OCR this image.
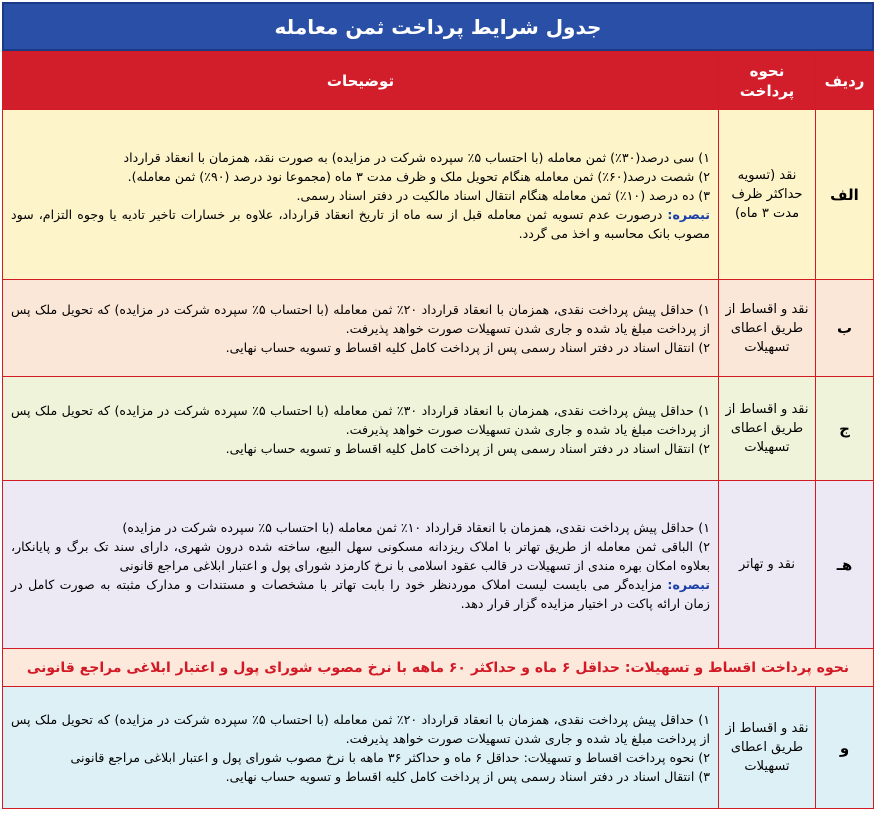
جدول شرایط پرداخت ثمن معامله
ردیف	نحوه پرداخت	توضیحات
الف	نقد (تسویه حداکثر ظرف مدت ۳ ماه)	۱) سی درصد(۳۰٪) ثمن معامله (با احتساب ۵٪ سپرده شرکت در مزایده) به صورت نقد، همزمان با انعقاد قرارداد

۲) شصت درصد(۶۰٪) ثمن معامله هنگام تحویل ملک و ظرف مدت ۳ ماه (مجموعا نود درصد (۹۰٪) ثمن معامله).

۳) ده درصد (۱۰٪) ثمن معامله هنگام انتقال اسناد مالکیت در دفتر اسناد رسمی.

تبصره: درصورت عدم تسویه ثمن معامله قبل از سه ماه از تاریخ انعقاد قرارداد، علاوه بر خسارات تاخیر تادیه یا وجوه التزام، سود مصوب بانک محاسبه و اخذ می گردد.

ب	نقد و اقساط از طریق اعطای تسهیلات	۱) حداقل پیش پرداخت نقدی، همزمان با انعقاد قرارداد ۲۰٪ ثمن معامله (با احتساب ۵٪ سپرده شرکت در مزایده) که تحویل ملک پس از پرداخت مبلغ یاد شده و جاری شدن تسهیلات صورت خواهد پذیرفت.

۲) انتقال اسناد در دفتر اسناد رسمی پس از پرداخت کامل کلیه اقساط و تسویه حساب نهایی.

ج	نقد و اقساط از طریق اعطای تسهیلات	۱) حداقل پیش پرداخت نقدی، همزمان با انعقاد قرارداد ۳۰٪ ثمن معامله (با احتساب ۵٪ سپرده شرکت در مزایده) که تحویل ملک پس از پرداخت مبلغ یاد شده و جاری شدن تسهیلات صورت خواهد پذیرفت.

۲) انتقال اسناد در دفتر اسناد رسمی پس از پرداخت کامل کلیه اقساط و تسویه حساب نهایی.

هـ	نقد و تهاتر	۱) حداقل پیش پرداخت نقدی، همزمان با انعقاد قرارداد ۱۰٪ ثمن معامله (با احتساب ۵٪ سپرده شرکت در مزایده)

۲) الباقی ثمن معامله از طریق تهاتر با املاک ریزدانه مسکونی سهل البیع، ساخته شده درون شهری، دارای سند تک برگ و پایانکار، بعلاوه امکان بهره مندی از تسهیلات در قالب عقود اسلامی با نرخ کارمزد شورای پول و اعتبار ابلاغی مراجع قانونی

تبصره: مزایده‌گر می بایست لیست املاک موردنظر خود را بابت تهاتر با مشخصات و مستندات و مدارک مثبته به صورت کامل در زمان ارائه پاکت در اختیار مزایده گزار قرار دهد.

نحوه پرداخت اقساط و تسهیلات: حداقل ۶ ماه و حداکثر ۶۰ ماهه با نرخ مصوب شورای پول و اعتبار ابلاغی مراجع قانونی		
و	نقد و اقساط از طریق اعطای تسهیلات	۱) حداقل پیش پرداخت نقدی، همزمان با انعقاد قرارداد ۲۰٪ ثمن معامله (با احتساب ۵٪ سپرده شرکت در مزایده) که تحویل ملک پس از پرداخت مبلغ یاد شده و جاری شدن تسهیلات صورت خواهد پذیرفت.

۲) نحوه پرداخت اقساط و تسهیلات: حداقل ۶ ماه و حداکثر ۳۶ ماهه با نرخ مصوب شورای پول و اعتبار ابلاغی مراجع قانونی

۳) انتقال اسناد در دفتر اسناد رسمی پس از پرداخت کامل کلیه اقساط و تسویه حساب نهایی.
